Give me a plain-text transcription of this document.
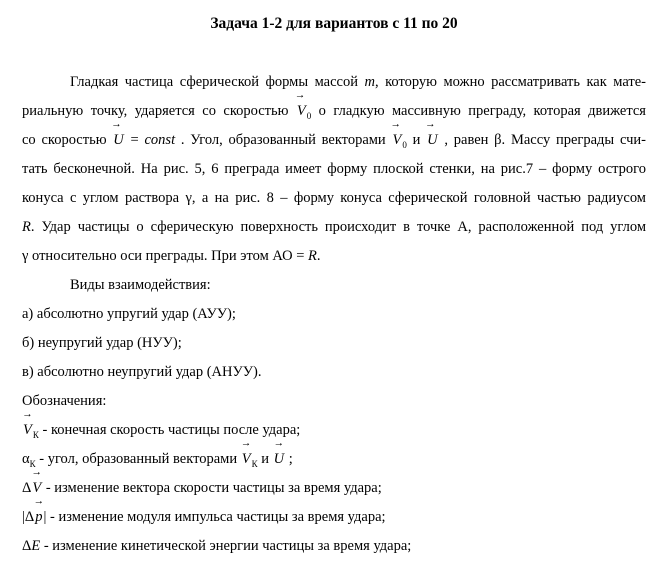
Задача 1-2 для вариантов с 11 по 20
Гладкая частица сферической формы массой m, которую можно рассматривать как мате-
риальную точку, ударяется со скоростью → $V_0$ о гладкую массивную преграду, которая движется
со скоростью → U = const . Угол, образованный векторами → $V_0$ и → U , равен β. Массу преграды счи-
тать бесконечной. На рис. 5, 6 преграда имеет форму плоской стенки, на рис.7 – форму острого
конуса с углом раствора γ, а на рис. 8 – форму конуса сферической головной частью радиусом
R. Удар частицы о сферическую поверхность происходит в точке А, расположенной под углом
γ относительно оси преграды. При этом АО = R.
Виды взаимодействия:
а) абсолютно упругий удар (АУУ);
б) неупругий удар (НУУ);
в) абсолютно неупругий удар (АНУУ).
Обозначения:
→ $V_К$ - конечная скорость частицы после удара;
$\alpha_К$ - угол, образованный векторами → $V_К$ и → U ;
Δ→ V - изменение вектора скорости частицы за время удара;
|Δ→ p| - изменение модуля импульса частицы за время удара;
ΔE - изменение кинетической энергии частицы за время удара;
